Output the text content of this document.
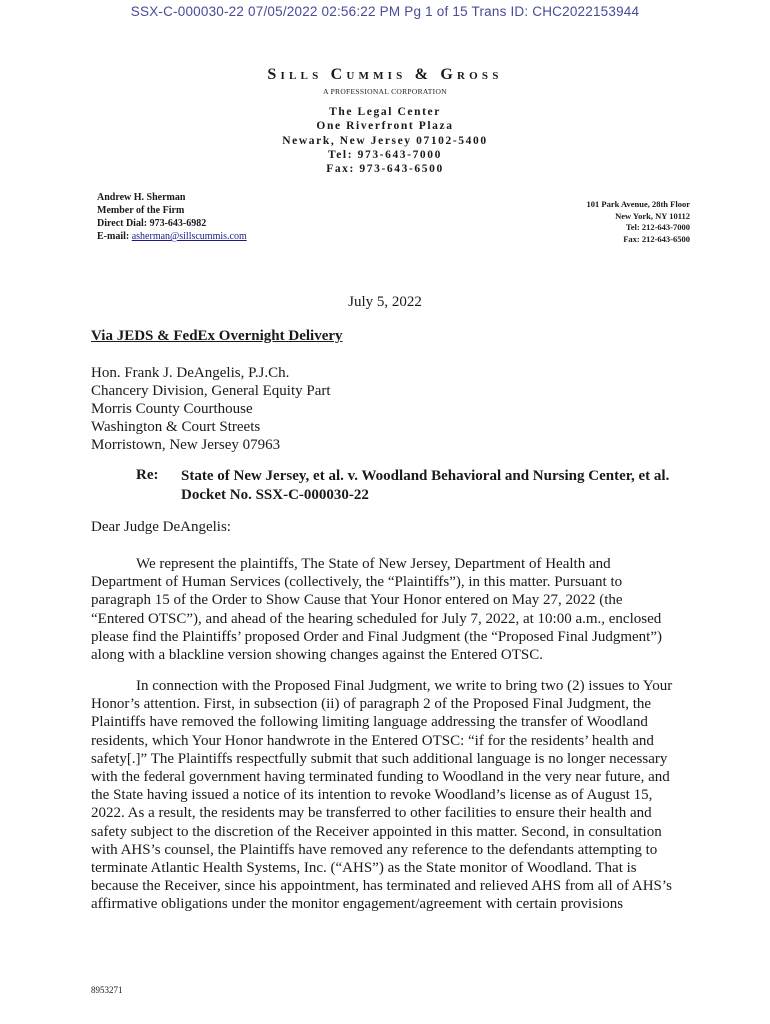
SSX-C-000030-22 07/05/2022 02:56:22 PM Pg 1 of 15 Trans ID: CHC2022153944
Sills Cummis & Gross
A PROFESSIONAL CORPORATION
The Legal Center
One Riverfront Plaza
Newark, New Jersey 07102-5400
Tel: 973-643-7000
Fax: 973-643-6500
Andrew H. Sherman
Member of the Firm
Direct Dial: 973-643-6982
E-mail: asherman@sillscummis.com
101 Park Avenue, 28th Floor
New York, NY 10112
Tel: 212-643-7000
Fax: 212-643-6500
July 5, 2022
Via JEDS & FedEx Overnight Delivery
Hon. Frank J. DeAngelis, P.J.Ch.
Chancery Division, General Equity Part
Morris County Courthouse
Washington & Court Streets
Morristown, New Jersey 07963
Re: State of New Jersey, et al. v. Woodland Behavioral and Nursing Center, et al.
Docket No. SSX-C-000030-22
Dear Judge DeAngelis:
We represent the plaintiffs, The State of New Jersey, Department of Health and
Department of Human Services (collectively, the “Plaintiffs”), in this matter. Pursuant to
paragraph 15 of the Order to Show Cause that Your Honor entered on May 27, 2022 (the
“Entered OTSC”), and ahead of the hearing scheduled for July 7, 2022, at 10:00 a.m., enclosed
please find the Plaintiffs’ proposed Order and Final Judgment (the “Proposed Final Judgment”)
along with a blackline version showing changes against the Entered OTSC.
In connection with the Proposed Final Judgment, we write to bring two (2) issues to Your
Honor’s attention. First, in subsection (ii) of paragraph 2 of the Proposed Final Judgment, the
Plaintiffs have removed the following limiting language addressing the transfer of Woodland
residents, which Your Honor handwrote in the Entered OTSC: “if for the residents’ health and
safety[.]” The Plaintiffs respectfully submit that such additional language is no longer necessary
with the federal government having terminated funding to Woodland in the very near future, and
the State having issued a notice of its intention to revoke Woodland’s license as of August 15,
2022. As a result, the residents may be transferred to other facilities to ensure their health and
safety subject to the discretion of the Receiver appointed in this matter. Second, in consultation
with AHS’s counsel, the Plaintiffs have removed any reference to the defendants attempting to
terminate Atlantic Health Systems, Inc. (“AHS”) as the State monitor of Woodland. That is
because the Receiver, since his appointment, has terminated and relieved AHS from all of AHS’s
affirmative obligations under the monitor engagement/agreement with certain provisions
8953271
